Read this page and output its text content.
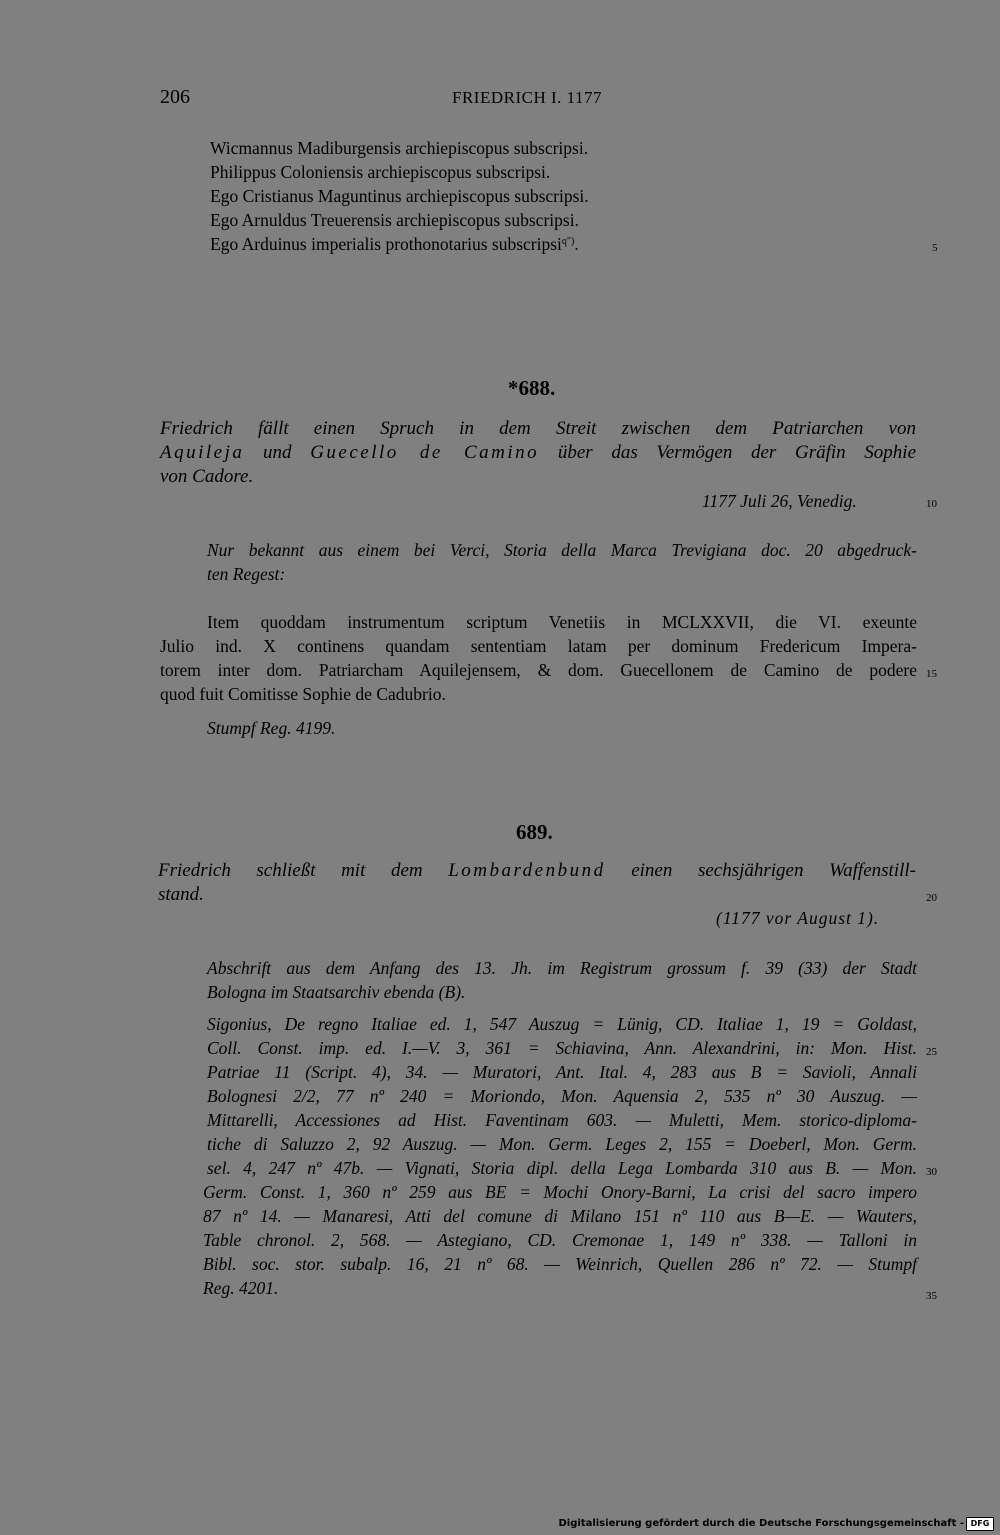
206	FRIEDRICH I. 1177
Wicmannus Madiburgensis archiepiscopus subscripsi.
Philippus Coloniensis archiepiscopus subscripsi.
Ego Cristianus Maguntinus archiepiscopus subscripsi.
Ego Arnuldus Treuerensis archiepiscopus subscripsi.
Ego Arduinus imperialis prothonotarius subscripsi$^{q")}$.	5
*688.
Friedrich fällt einen Spruch in dem Streit zwischen dem Patriarchen von
Aquileja und Guecello de Camino über das Vermögen der Gräfin Sophie
von Cadore.
1177 Juli 26, Venedig.	10
Nur bekannt aus einem bei Verci, Storia della Marca Trevigiana doc. 20 abgedruck-
ten Regest:
Item quoddam instrumentum scriptum Venetiis in MCLXXVII, die VI. exeunte
Julio ind. X continens quandam sententiam latam per dominum Fredericum Impera-
torem inter dom. Patriarcham Aquilejensem, & dom. Guecellonem de Camino de podere
quod fuit Comitisse Sophie de Cadubrio.
15
Stumpf Reg. 4199.
689.
Friedrich schließt mit dem Lombardenbund einen sechsjährigen Waffenstill-
stand.	20
(1177 vor August 1).
Abschrift aus dem Anfang des 13. Jh. im Registrum grossum f. 39 (33) der Stadt
Bologna im Staatsarchiv ebenda (B).
Sigonius, De regno Italiae ed. 1, 547 Auszug = Lünig, CD. Italiae 1, 19 = Goldast,
Coll. Const. imp. ed. I.—V. 3, 361 = Schiavina, Ann. Alexandrini, in: Mon. Hist.
Patriae 11 (Script. 4), 34. — Muratori, Ant. Ital. 4, 283 aus B = Savioli, Annali
Bolognesi 2/2, 77 nº 240 = Moriondo, Mon. Aquensia 2, 535 nº 30 Auszug. —
Mittarelli, Accessiones ad Hist. Faventinam 603. — Muletti, Mem. storico-diploma-
tiche di Saluzzo 2, 92 Auszug. — Mon. Germ. Leges 2, 155 = Doeberl, Mon. Germ.
sel. 4, 247 nº 47b. — Vignati, Storia dipl. della Lega Lombarda 310 aus B. — Mon.
Germ. Const. 1, 360 nº 259 aus BE = Mochi Onory-Barni, La crisi del sacro impero
87 nº 14. — Manaresi, Atti del comune di Milano 151 nº 110 aus B—E. — Wauters,
Table chronol. 2, 568. — Astegiano, CD. Cremonae 1, 149 nº 338. — Talloni in
Bibl. soc. stor. subalp. 16, 21 nº 68. — Weinrich, Quellen 286 nº 72. — Stumpf
Reg. 4201.
25
30
35
Digitalisierung gefördert durch die Deutsche Forschungsgemeinschaft - DFG
